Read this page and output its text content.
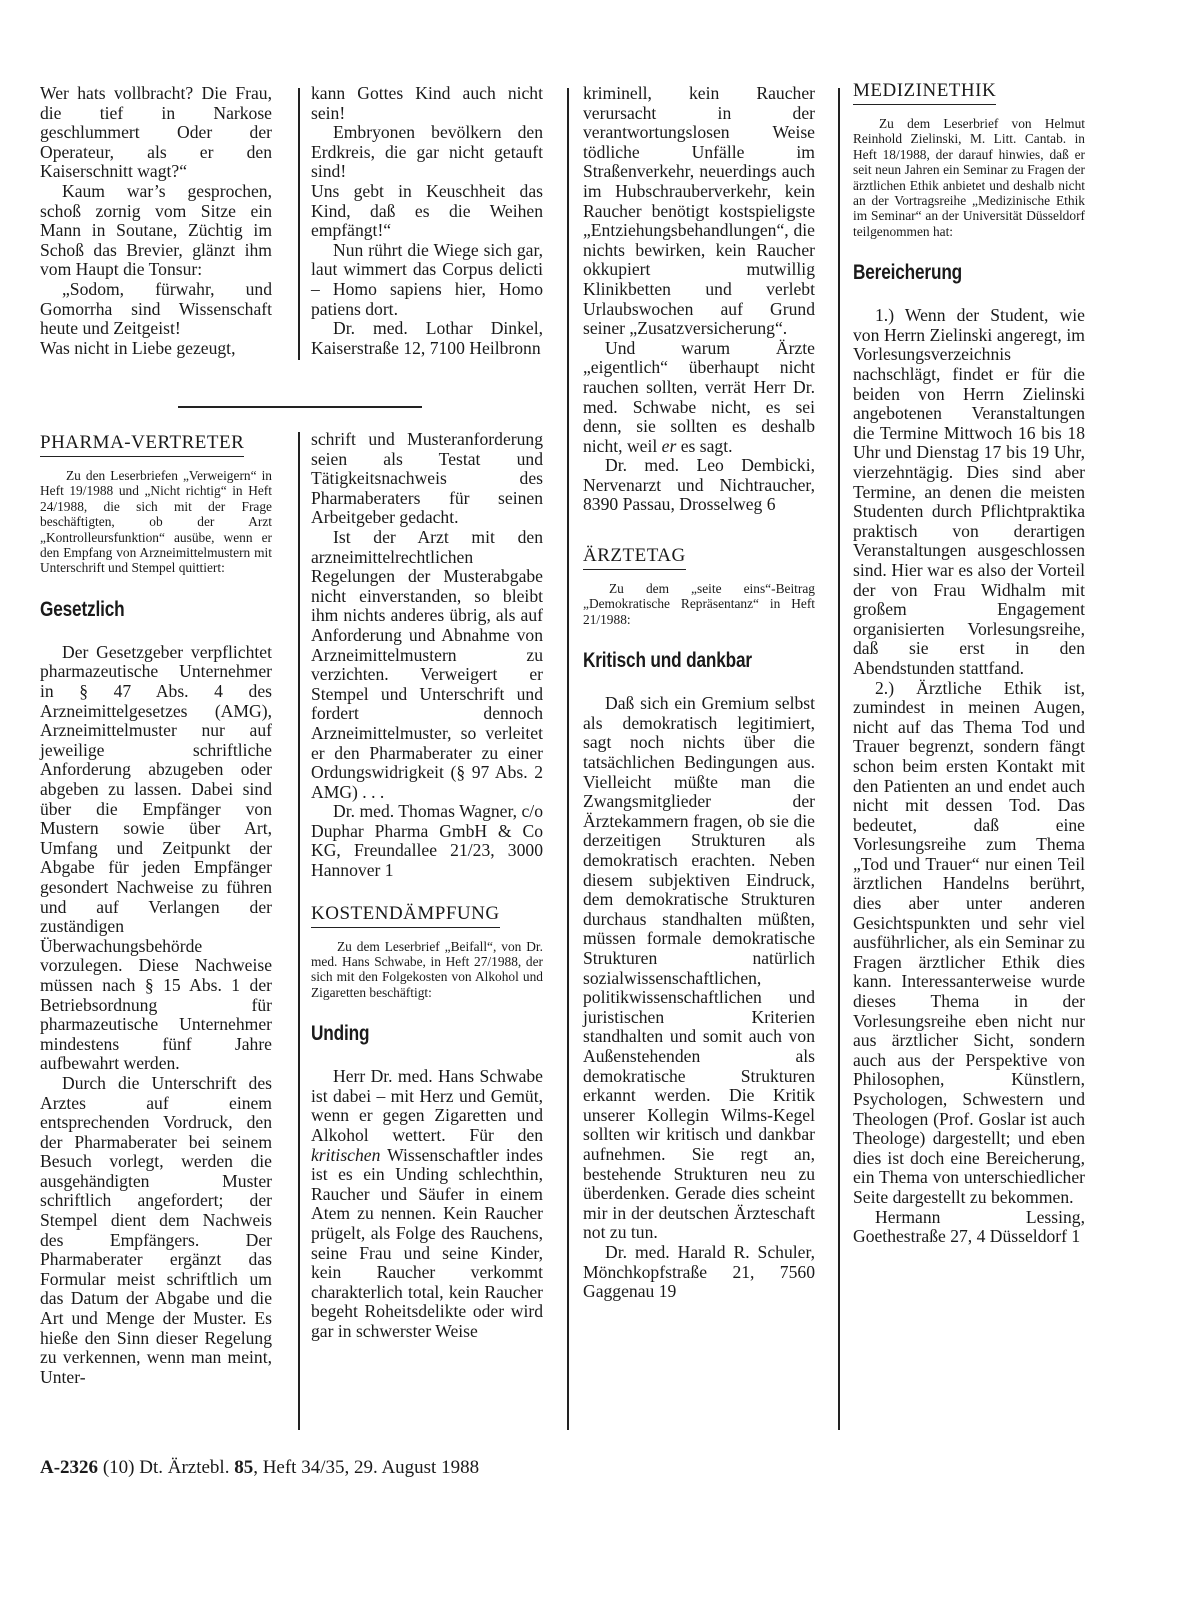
Wer hats vollbracht? Die Frau, die tief in Narkose geschlummert Oder der Operateur, als er den Kaiserschnitt wagt?“

Kaum war’s gesprochen, schoß zornig vom Sitze ein Mann in Soutane, Züchtig im Schoß das Brevier, glänzt ihm vom Haupt die Tonsur:

„Sodom, fürwahr, und Gomorrha sind Wissenschaft heute und Zeitgeist!

Was nicht in Liebe gezeugt,

kann Gottes Kind auch nicht sein!

Embryonen bevölkern den Erdkreis, die gar nicht getauft sind!

Uns gebt in Keuschheit das Kind, daß es die Weihen empfängt!“

Nun rührt die Wiege sich gar, laut wimmert das Corpus delicti – Homo sapiens hier, Homo patiens dort.

Dr. med. Lothar Dinkel, Kaiserstraße 12, 7100 Heilbronn

PHARMA-VERTRETER

Zu den Leserbriefen „Verweigern“ in Heft 19/1988 und „Nicht richtig“ in Heft 24/1988, die sich mit der Frage beschäftigten, ob der Arzt „Kontrolleursfunktion“ ausübe, wenn er den Empfang von Arzneimittelmustern mit Unterschrift und Stempel quittiert:

Gesetzlich

Der Gesetzgeber verpflichtet pharmazeutische Unternehmer in § 47 Abs. 4 des Arzneimittelgesetzes (AMG), Arzneimittelmuster nur auf jeweilige schriftliche Anforderung abzugeben oder abgeben zu lassen. Dabei sind über die Empfänger von Mustern sowie über Art, Umfang und Zeitpunkt der Abgabe für jeden Empfänger gesondert Nachweise zu führen und auf Verlangen der zuständigen Überwachungsbehörde vorzulegen. Diese Nachweise müssen nach § 15 Abs. 1 der Betriebsordnung für pharmazeutische Unternehmer mindestens fünf Jahre aufbewahrt werden.

Durch die Unterschrift des Arztes auf einem entsprechenden Vordruck, den der Pharmaberater bei seinem Besuch vorlegt, werden die ausgehändigten Muster schriftlich angefordert; der Stempel dient dem Nachweis des Empfängers. Der Pharmaberater ergänzt das Formular meist schriftlich um das Datum der Abgabe und die Art und Menge der Muster. Es hieße den Sinn dieser Regelung zu verkennen, wenn man meint, Unter-

schrift und Musteranforderung seien als Testat und Tätigkeitsnachweis des Pharmaberaters für seinen Arbeitgeber gedacht.

Ist der Arzt mit den arzneimittelrechtlichen Regelungen der Musterabgabe nicht einverstanden, so bleibt ihm nichts anderes übrig, als auf Anforderung und Abnahme von Arzneimittelmustern zu verzichten. Verweigert er Stempel und Unterschrift und fordert dennoch Arzneimittelmuster, so verleitet er den Pharmaberater zu einer Ordungswidrigkeit (§ 97 Abs. 2 AMG) . . .

Dr. med. Thomas Wagner, c/o Duphar Pharma GmbH & Co KG, Freundallee 21/23, 3000 Hannover 1

KOSTENDÄMPFUNG

Zu dem Leserbrief „Beifall“, von Dr. med. Hans Schwabe, in Heft 27/1988, der sich mit den Folgekosten von Alkohol und Zigaretten beschäftigt:

Unding

Herr Dr. med. Hans Schwabe ist dabei – mit Herz und Gemüt, wenn er gegen Zigaretten und Alkohol wettert. Für den kritischen Wissenschaftler indes ist es ein Unding schlechthin, Raucher und Säufer in einem Atem zu nennen. Kein Raucher prügelt, als Folge des Rauchens, seine Frau und seine Kinder, kein Raucher verkommt charakterlich total, kein Raucher begeht Roheitsdelikte oder wird gar in schwerster Weise

kriminell, kein Raucher verursacht in der verantwortungslosen Weise tödliche Unfälle im Straßenverkehr, neuerdings auch im Hubschrauberverkehr, kein Raucher benötigt kostspieligste „Entziehungsbehandlungen“, die nichts bewirken, kein Raucher okkupiert mutwillig Klinikbetten und verlebt Urlaubswochen auf Grund seiner „Zusatzversicherung“.

Und warum Ärzte „eigentlich“ überhaupt nicht rauchen sollten, verrät Herr Dr. med. Schwabe nicht, es sei denn, sie sollten es deshalb nicht, weil er es sagt.

Dr. med. Leo Dembicki, Nervenarzt und Nichtraucher, 8390 Passau, Drosselweg 6

ÄRZTETAG

Zu dem „seite eins“-Beitrag „Demokratische Repräsentanz“ in Heft 21/1988:

Kritisch und dankbar

Daß sich ein Gremium selbst als demokratisch legitimiert, sagt noch nichts über die tatsächlichen Bedingungen aus. Vielleicht müßte man die Zwangsmitglieder der Ärztekammern fragen, ob sie die derzeitigen Strukturen als demokratisch erachten. Neben diesem subjektiven Eindruck, dem demokratische Strukturen durchaus standhalten müßten, müssen formale demokratische Strukturen natürlich sozialwissenschaftlichen, politikwissenschaftlichen und juristischen Kriterien standhalten und somit auch von Außenstehenden als demokratische Strukturen erkannt werden. Die Kritik unserer Kollegin Wilms-Kegel sollten wir kritisch und dankbar aufnehmen. Sie regt an, bestehende Strukturen neu zu überdenken. Gerade dies scheint mir in der deutschen Ärzteschaft not zu tun.

Dr. med. Harald R. Schuler, Mönchkopfstraße 21, 7560 Gaggenau 19

MEDIZINETHIK

Zu dem Leserbrief von Helmut Reinhold Zielinski, M. Litt. Cantab. in Heft 18/1988, der darauf hinwies, daß er seit neun Jahren ein Seminar zu Fragen der ärztlichen Ethik anbietet und deshalb nicht an der Vortragsreihe „Medizinische Ethik im Seminar“ an der Universität Düsseldorf teilgenommen hat:

Bereicherung

1.) Wenn der Student, wie von Herrn Zielinski angeregt, im Vorlesungsverzeichnis nachschlägt, findet er für die beiden von Herrn Zielinski angebotenen Veranstaltungen die Termine Mittwoch 16 bis 18 Uhr und Dienstag 17 bis 19 Uhr, vierzehntägig. Dies sind aber Termine, an denen die meisten Studenten durch Pflichtpraktika praktisch von derartigen Veranstaltungen ausgeschlossen sind. Hier war es also der Vorteil der von Frau Widhalm mit großem Engagement organisierten Vorlesungsreihe, daß sie erst in den Abendstunden stattfand.

2.) Ärztliche Ethik ist, zumindest in meinen Augen, nicht auf das Thema Tod und Trauer begrenzt, sondern fängt schon beim ersten Kontakt mit den Patienten an und endet auch nicht mit dessen Tod. Das bedeutet, daß eine Vorlesungsreihe zum Thema „Tod und Trauer“ nur einen Teil ärztlichen Handelns berührt, dies aber unter anderen Gesichtspunkten und sehr viel ausführlicher, als ein Seminar zu Fragen ärztlicher Ethik dies kann. Interessanterweise wurde dieses Thema in der Vorlesungsreihe eben nicht nur aus ärztlicher Sicht, sondern auch aus der Perspektive von Philosophen, Künstlern, Psychologen, Schwestern und Theologen (Prof. Goslar ist auch Theologe) dargestellt; und eben dies ist doch eine Bereicherung, ein Thema von unterschiedlicher Seite dargestellt zu bekommen.

Hermann Lessing, Goethestraße 27, 4 Düsseldorf 1

A-2326 (10) Dt. Ärztebl. 85, Heft 34/35, 29. August 1988
